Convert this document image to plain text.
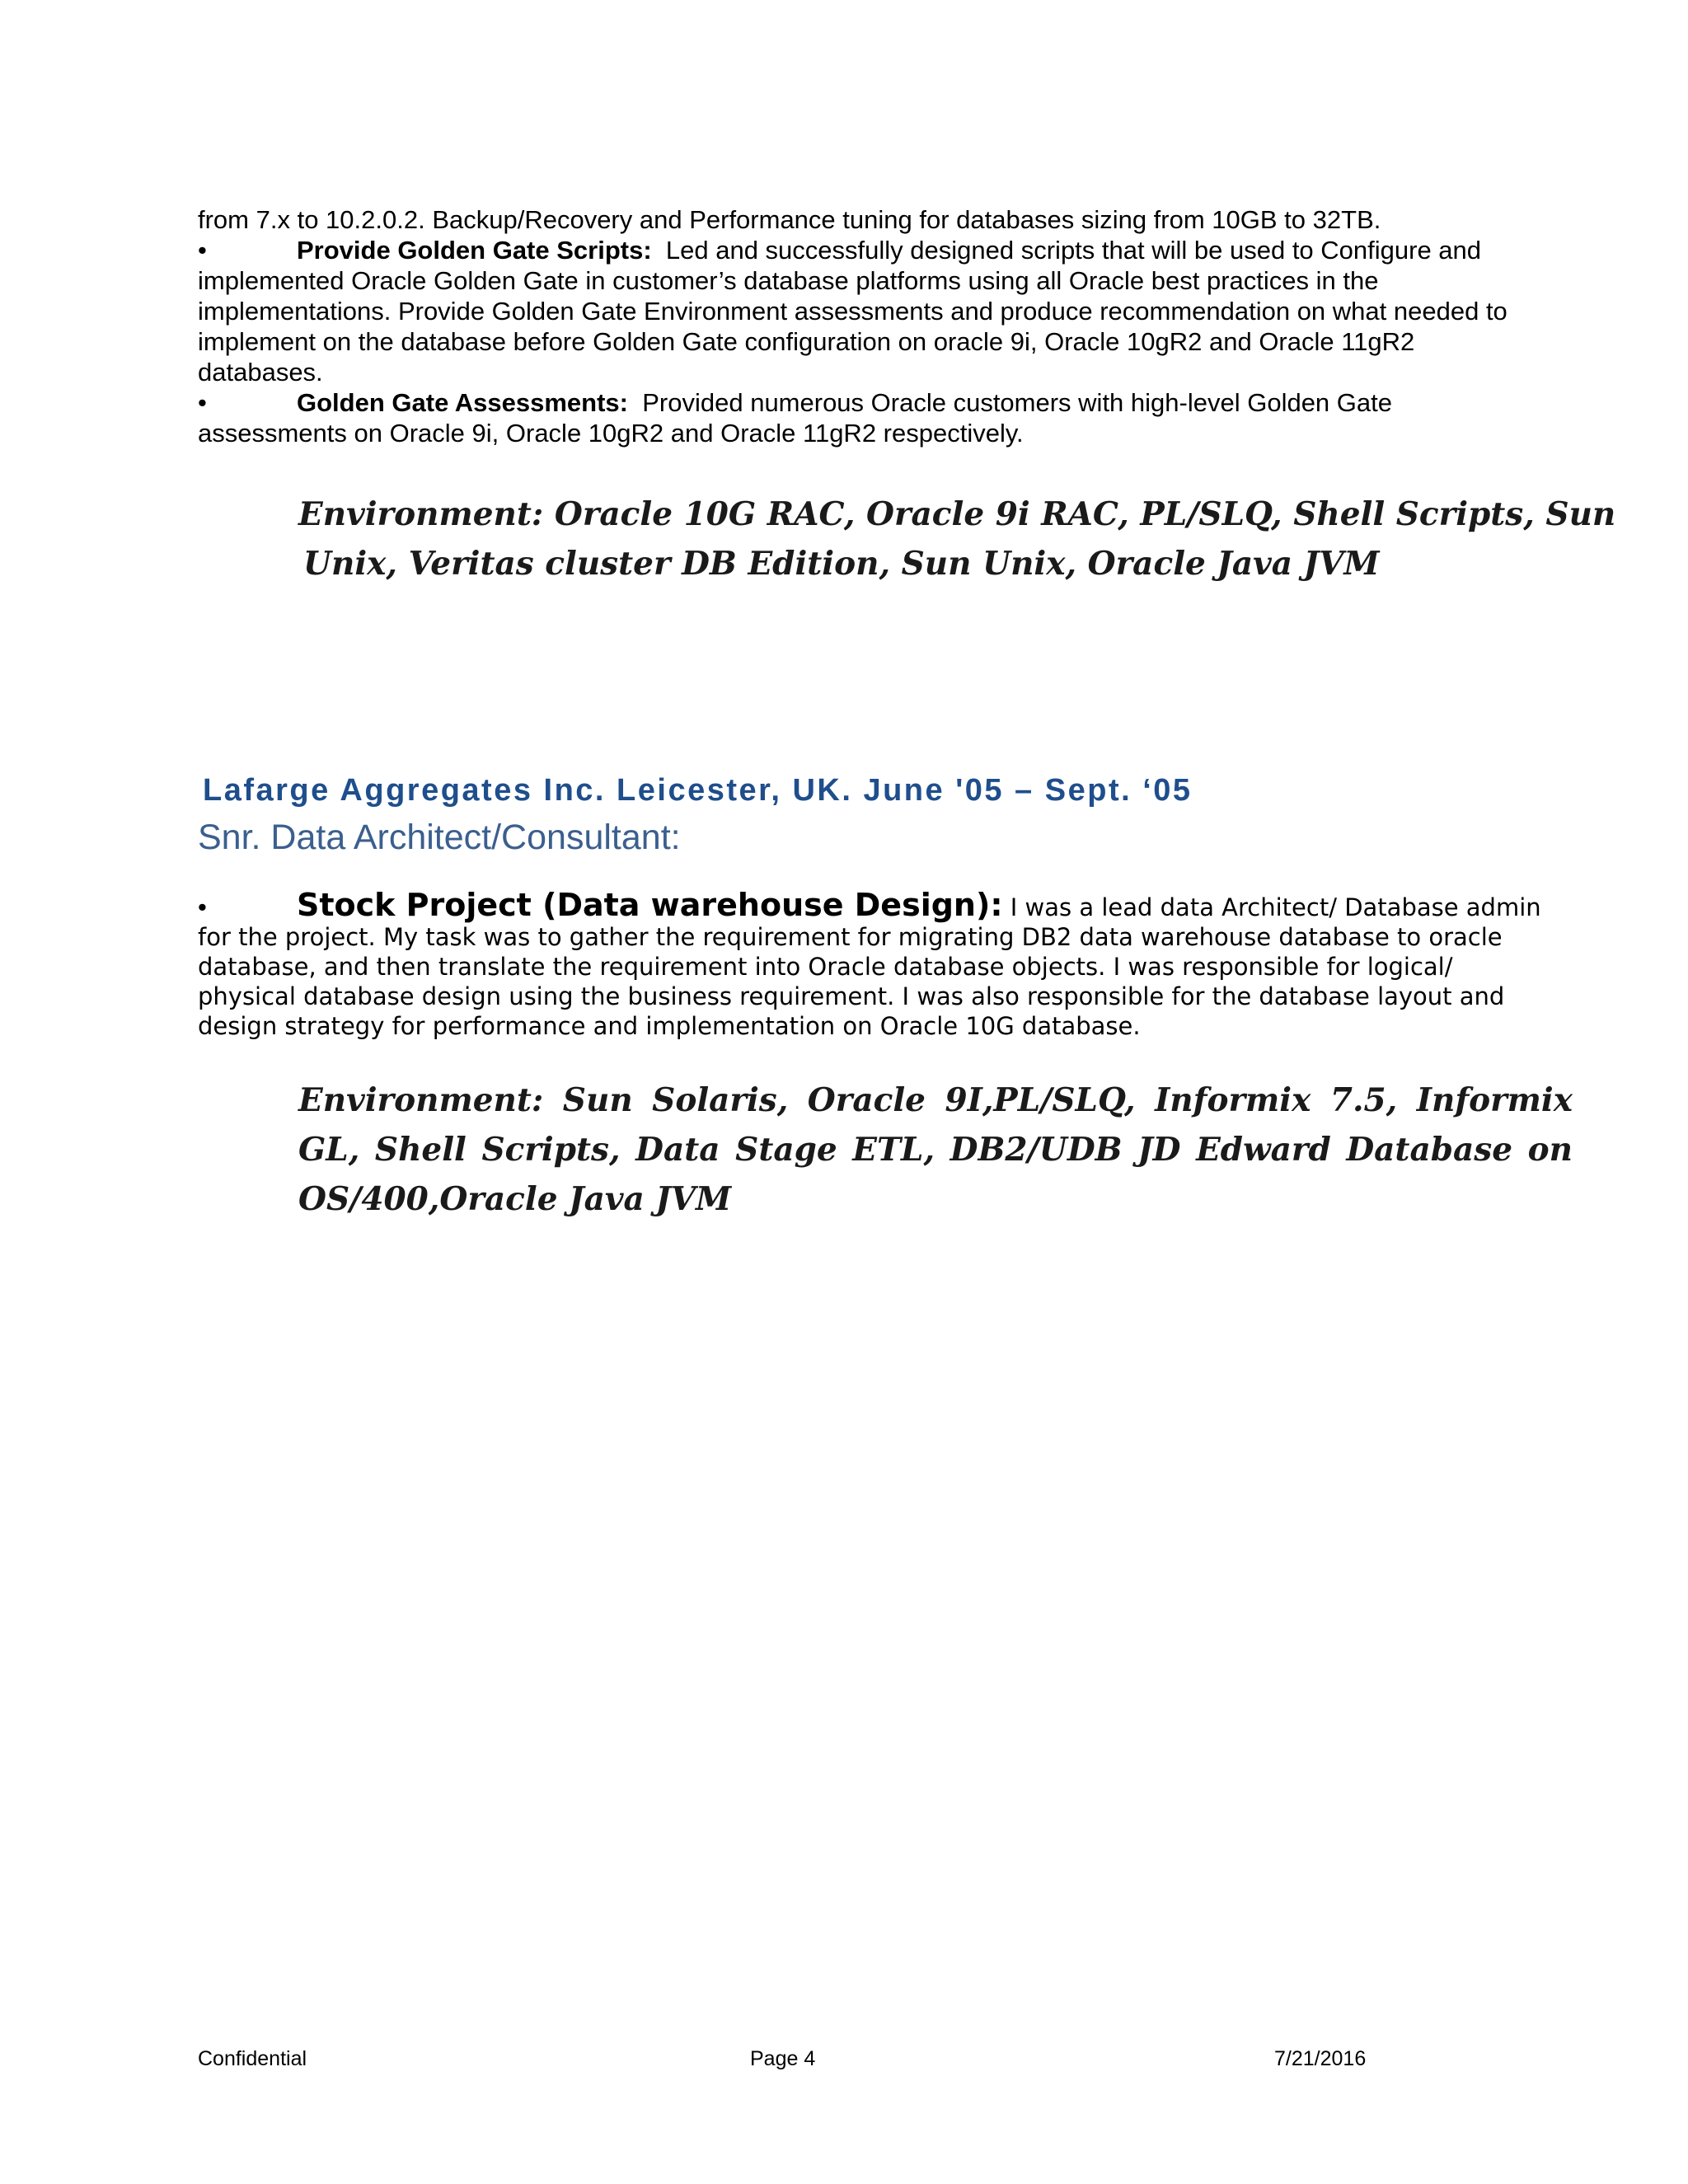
from 7.x to 10.2.0.2. Backup/Recovery and Performance tuning for databases sizing from 10GB to 32TB.
•	Provide Golden Gate Scripts: Led and successfully designed scripts that will be used to Configure and implemented Oracle Golden Gate in customer’s database platforms using all Oracle best practices in the implementations. Provide Golden Gate Environment assessments and produce recommendation on what needed to implement on the database before Golden Gate configuration on oracle 9i, Oracle 10gR2 and Oracle 11gR2 databases.
•	Golden Gate Assessments: Provided numerous Oracle customers with high-level Golden Gate assessments on Oracle 9i, Oracle 10gR2 and Oracle 11gR2 respectively.
Environment: Oracle 10G RAC, Oracle 9i RAC, PL/SLQ, Shell Scripts, Sun
Unix, Veritas cluster DB Edition, Sun Unix, Oracle Java JVM
Lafarge Aggregates Inc. Leicester, UK. June '05 – Sept. ‘05
Snr. Data Architect/Consultant:
•	Stock Project (Data warehouse Design): I was a lead data Architect/ Database admin for the project. My task was to gather the requirement for migrating DB2 data warehouse database to oracle database, and then translate the requirement into Oracle database objects. I was responsible for logical/ physical database design using the business requirement. I was also responsible for the database layout and design strategy for performance and implementation on Oracle 10G database.
Environment: Sun Solaris, Oracle 9I,PL/SLQ, Informix 7.5, Informix GL, Shell Scripts, Data Stage ETL, DB2/UDB JD Edward Database on OS/400,Oracle Java JVM
Confidential	Page 4	7/21/2016
